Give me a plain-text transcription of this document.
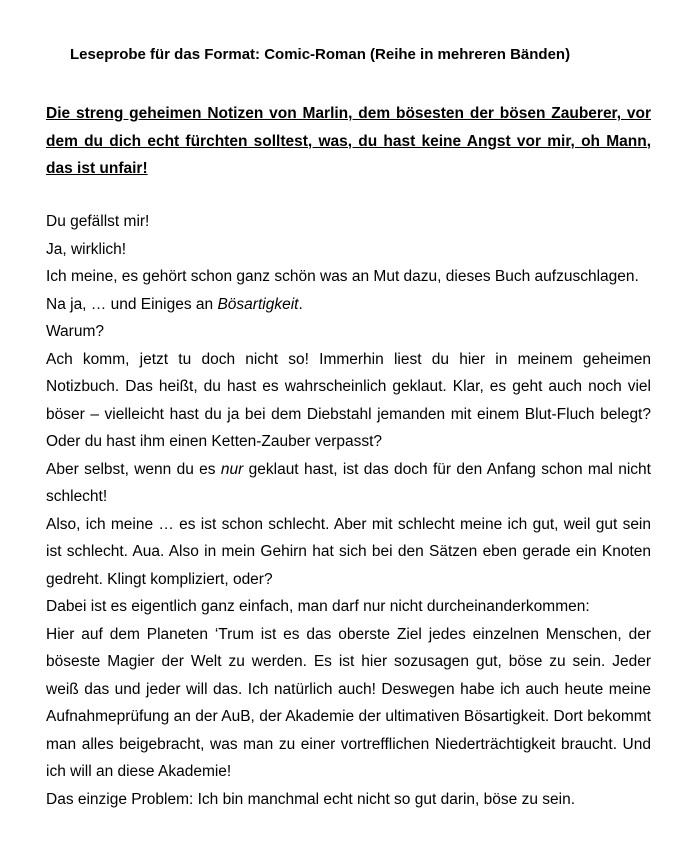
Leseprobe für das Format: Comic-Roman (Reihe in mehreren Bänden)
Die streng geheimen Notizen von Marlin, dem bösesten der bösen Zauberer, vor dem du dich echt fürchten solltest, was, du hast keine Angst vor mir, oh Mann, das ist unfair!

Du gefällst mir!

Ja, wirklich!

Ich meine, es gehört schon ganz schön was an Mut dazu, dieses Buch aufzuschlagen.

Na ja, … und Einiges an Bösartigkeit.

Warum?

Ach komm, jetzt tu doch nicht so! Immerhin liest du hier in meinem geheimen Notizbuch. Das heißt, du hast es wahrscheinlich geklaut. Klar, es geht auch noch viel böser – vielleicht hast du ja bei dem Diebstahl jemanden mit einem Blut-Fluch belegt? Oder du hast ihm einen Ketten-Zauber verpasst?

Aber selbst, wenn du es nur geklaut hast, ist das doch für den Anfang schon mal nicht schlecht!

Also, ich meine … es ist schon schlecht. Aber mit schlecht meine ich gut, weil gut sein ist schlecht. Aua. Also in mein Gehirn hat sich bei den Sätzen eben gerade ein Knoten gedreht. Klingt kompliziert, oder?

Dabei ist es eigentlich ganz einfach, man darf nur nicht durcheinanderkommen:

Hier auf dem Planeten ‘Trum ist es das oberste Ziel jedes einzelnen Menschen, der böseste Magier der Welt zu werden. Es ist hier sozusagen gut, böse zu sein. Jeder weiß das und jeder will das. Ich natürlich auch! Deswegen habe ich auch heute meine Aufnahmeprüfung an der AuB, der Akademie der ultimativen Bösartigkeit. Dort bekommt man alles beigebracht, was man zu einer vortrefflichen Niederträchtigkeit braucht. Und ich will an diese Akademie!

Das einzige Problem: Ich bin manchmal echt nicht so gut darin, böse zu sein.
